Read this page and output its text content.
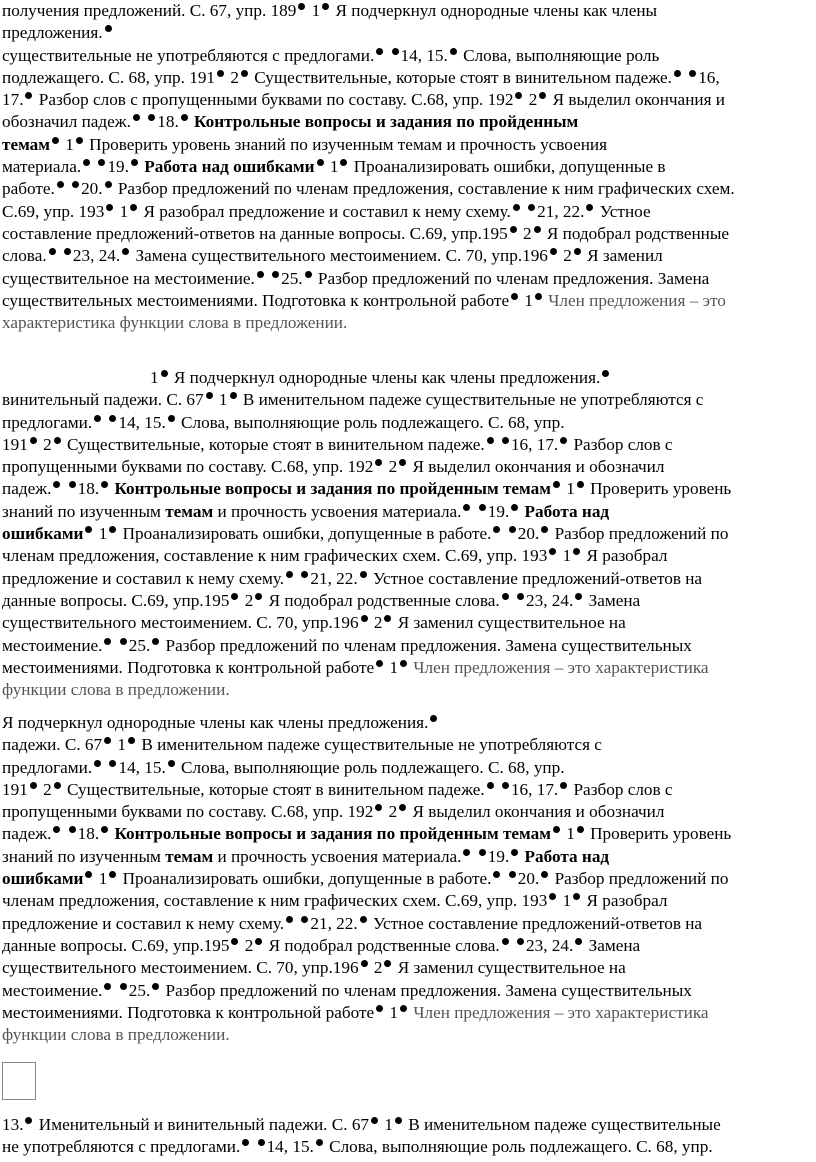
получения предложений. С. 67, упр. 189 1 Я подчеркнул однородные члены как члены
предложения.
существительные не употребляются с предлогами. 14, 15. Слова, выполняющие роль
подлежащего. С. 68, упр. 191 2 Существительные, которые стоят в винительном падеже. 16,
17. Разбор слов с пропущенными буквами по составу. С.68, упр. 192 2 Я выделил окончания и
обозначил падеж. 18. Контрольные вопросы и задания по пройденным
темам 1 Проверить уровень знаний по изученным темам и прочность усвоения
материала. 19. Работа над ошибками 1 Проанализировать ошибки, допущенные в
работе. 20. Разбор предложений по членам предложения, составление к ним графических схем.
С.69, упр. 193 1 Я разобрал предложение и составил к нему схему. 21, 22. Устное
составление предложений-ответов на данные вопросы. С.69, упр.195 2 Я подобрал родственные
слова. 23, 24. Замена существительного местоимением. С. 70, упр.196 2 Я заменил
существительное на местоимение. 25. Разбор предложений по членам предложения. Замена
существительных местоимениями. Подготовка к контрольной работе 1 Член предложения – это
характеристика функции слова в предложении.
1 Я подчеркнул однородные члены как члены предложения.
винительный падежи. С. 67 1 В именительном падеже существительные не употребляются с
предлогами. 14, 15. Слова, выполняющие роль подлежащего. С. 68, упр.
191 2 Существительные, которые стоят в винительном падеже. 16, 17. Разбор слов с
пропущенными буквами по составу. С.68, упр. 192 2 Я выделил окончания и обозначил
падеж. 18. Контрольные вопросы и задания по пройденным темам 1 Проверить уровень
знаний по изученным темам и прочность усвоения материала. 19. Работа над
ошибками 1 Проанализировать ошибки, допущенные в работе. 20. Разбор предложений по
членам предложения, составление к ним графических схем. С.69, упр. 193 1 Я разобрал
предложение и составил к нему схему. 21, 22. Устное составление предложений-ответов на
данные вопросы. С.69, упр.195 2 Я подобрал родственные слова. 23, 24. Замена
существительного местоимением. С. 70, упр.196 2 Я заменил существительное на
местоимение. 25. Разбор предложений по членам предложения. Замена существительных
местоимениями. Подготовка к контрольной работе 1 Член предложения – это характеристика
функции слова в предложении.
Я подчеркнул однородные члены как члены предложения.
падежи. С. 67 1 В именительном падеже существительные не употребляются с
предлогами. 14, 15. Слова, выполняющие роль подлежащего. С. 68, упр.
191 2 Существительные, которые стоят в винительном падеже. 16, 17. Разбор слов с
пропущенными буквами по составу. С.68, упр. 192 2 Я выделил окончания и обозначил
падеж. 18. Контрольные вопросы и задания по пройденным темам 1 Проверить уровень
знаний по изученным темам и прочность усвоения материала. 19. Работа над
ошибками 1 Проанализировать ошибки, допущенные в работе. 20. Разбор предложений по
членам предложения, составление к ним графических схем. С.69, упр. 193 1 Я разобрал
предложение и составил к нему схему. 21, 22. Устное составление предложений-ответов на
данные вопросы. С.69, упр.195 2 Я подобрал родственные слова. 23, 24. Замена
существительного местоимением. С. 70, упр.196 2 Я заменил существительное на
местоимение. 25. Разбор предложений по членам предложения. Замена существительных
местоимениями. Подготовка к контрольной работе 1 Член предложения – это характеристика
функции слова в предложении.
13. Именительный и винительный падежи. С. 67 1 В именительном падеже существительные
не употребляются с предлогами. 14, 15. Слова, выполняющие роль подлежащего. С. 68, упр.
